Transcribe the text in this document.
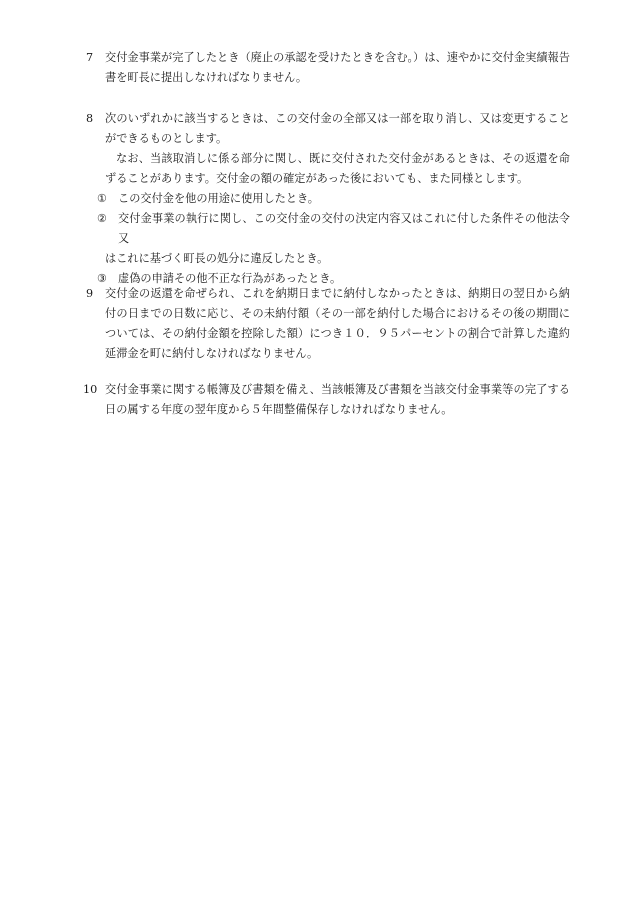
7	交付金事業が完了したとき（廃止の承認を受けたときを含む。）は、速やかに交付金実績報告書を町長に提出しなければなりません。
8	次のいずれかに該当するときは、この交付金の全部又は一部を取り消し、又は変更することができるものとします。
なお、当該取消しに係る部分に関し、既に交付された交付金があるときは、その返還を命ずることがあります。交付金の額の確定があった後においても、また同様とします。
① この交付金を他の用途に使用したとき。
② 交付金事業の執行に関し、この交付金の交付の決定内容又はこれに付した条件その他法令又
はこれに基づく町長の処分に違反したとき。
③ 虚偽の申請その他不正な行為があったとき。
9	交付金の返還を命ぜられ、これを納期日までに納付しなかったときは、納期日の翌日から納付の日までの日数に応じ、その未納付額（その一部を納付した場合におけるその後の期間については、その納付金額を控除した額）につき１０．９５パーセントの割合で計算した違約延滞金を町に納付しなければなりません。
10 交付金事業に関する帳簿及び書類を備え、当該帳簿及び書類を当該交付金事業等の完了する日の属する年度の翌年度から５年間整備保存しなければなりません。
